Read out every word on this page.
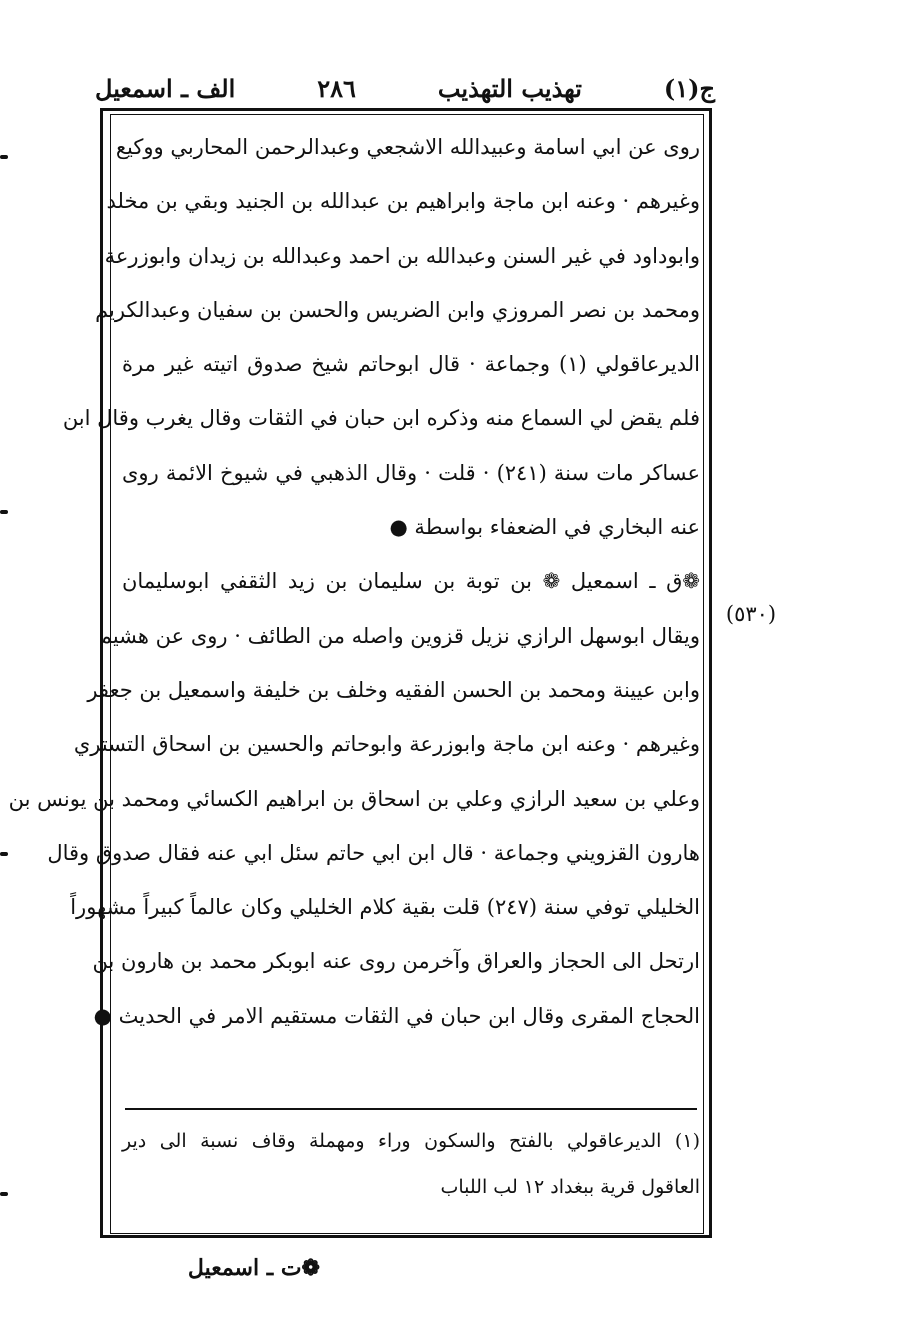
ج(١)
تهذيب التهذيب
٢٨٦
الف ـ اسمعيل
روى عن ابي اسامة وعبيدالله الاشجعي وعبدالرحمن المحاربي ووكيع
وغيرهم · وعنه ابن ماجة وابراهيم بن عبدالله بن الجنيد وبقي بن مخلد
وابوداود في غير السنن وعبدالله بن احمد وعبدالله بن زيدان وابوزرعة
ومحمد بن نصر المروزي وابن الضريس والحسن بن سفيان وعبدالكريم
الديرعاقولي (١) وجماعة · قال ابوحاتم شيخ صدوق اتيته غير مرة
فلم يقض لي السماع منه وذكره ابن حبان في الثقات وقال يغرب وقال ابن
عساكر مات سنة (٢٤١) · قلت · وقال الذهبي في شيوخ الائمة روى
عنه البخاري في الضعفاء بواسطة ●
❁ق ـ اسمعيل ❁ بن توبة بن سليمان بن زيد الثقفي ابوسليمان
ويقال ابوسهل الرازي نزيل قزوين واصله من الطائف · روى عن هشيم
وابن عيينة ومحمد بن الحسن الفقيه وخلف بن خليفة واسمعيل بن جعفر
وغيرهم · وعنه ابن ماجة وابوزرعة وابوحاتم والحسين بن اسحاق التستري
وعلي بن سعيد الرازي وعلي بن اسحاق بن ابراهيم الكسائي ومحمد بن يونس بن
هارون القزويني وجماعة · قال ابن ابي حاتم سئل ابي عنه فقال صدوق وقال
الخليلي توفي سنة (٢٤٧) قلت بقية كلام الخليلي وكان عالماً كبيراً مشهوراً
ارتحل الى الحجاز والعراق وآخرمن روى عنه ابوبكر محمد بن هارون بن
الحجاج المقرى وقال ابن حبان في الثقات مستقيم الامر في الحديث ●
(٥٣٠)
(١) الديرعاقولي بالفتح والسكون وراء ومهملة وقاف نسبة الى دير
العاقول قرية ببغداد ١٢ لب اللباب
❁ت ـ اسمعيل
